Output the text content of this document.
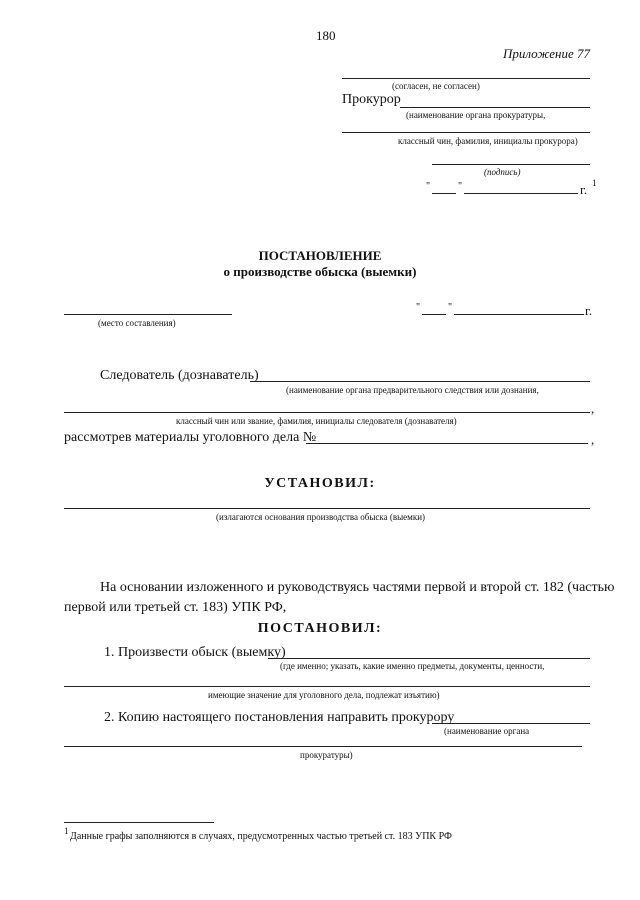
180
Приложение 77
(согласен, не согласен)
Прокурор
(наименование органа прокуратуры,
классный чин, фамилия, инициалы прокурора)
(подпись)
"	"	г. 1
ПОСТАНОВЛЕНИЕ
о производстве обыска (выемки)
(место составления)
"	"	г.
Следователь (дознаватель)
(наименование органа предварительного следствия или дознания,
,
классный чин или звание, фамилия, инициалы следователя (дознавателя)
рассмотрев материалы уголовного дела №	,
УСТАНОВИЛ:
(излагаются основания производства обыска (выемки)
На основании изложенного и руководствуясь частями первой и второй ст. 182 (частью
первой или третьей ст. 183) УПК РФ,
ПОСТАНОВИЛ:
1. Произвести обыск (выемку)
(где именно; указать, какие именно предметы, документы, ценности,
имеющие значение для уголовного дела, подлежат изъятию)
2. Копию настоящего постановления направить прокурору
(наименование органа
прокуратуры)
1 Данные графы заполняются в случаях, предусмотренных частью третьей ст. 183 УПК РФ
